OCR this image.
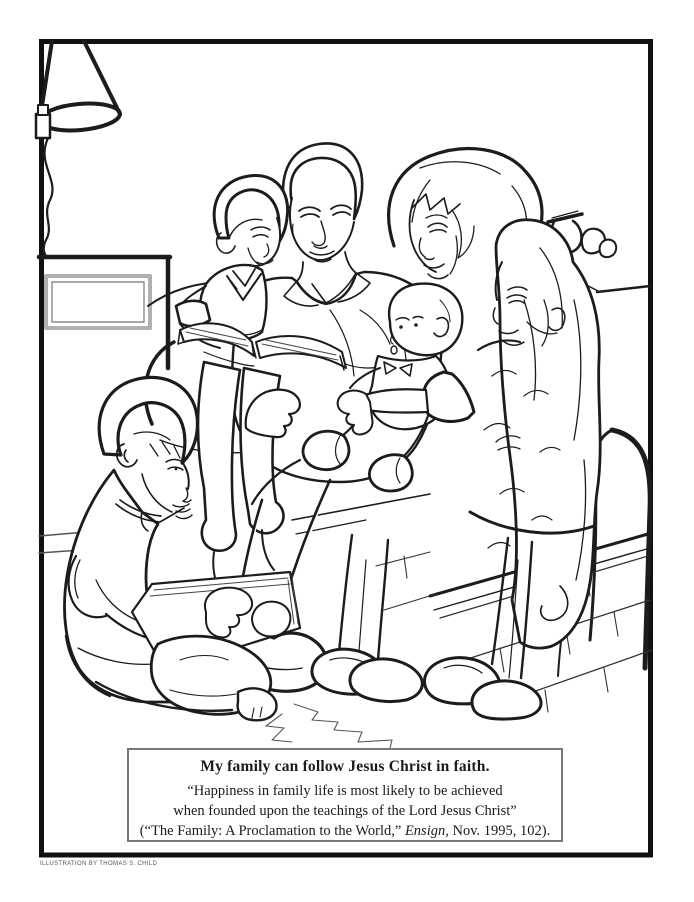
My family can follow Jesus Christ in faith.
“Happiness in family life is most likely to be achieved
when founded upon the teachings of the Lord Jesus Christ”
(“The Family: A Proclamation to the World,” Ensign, Nov. 1995, 102).
ILLUSTRATION BY THOMAS S. CHILD
